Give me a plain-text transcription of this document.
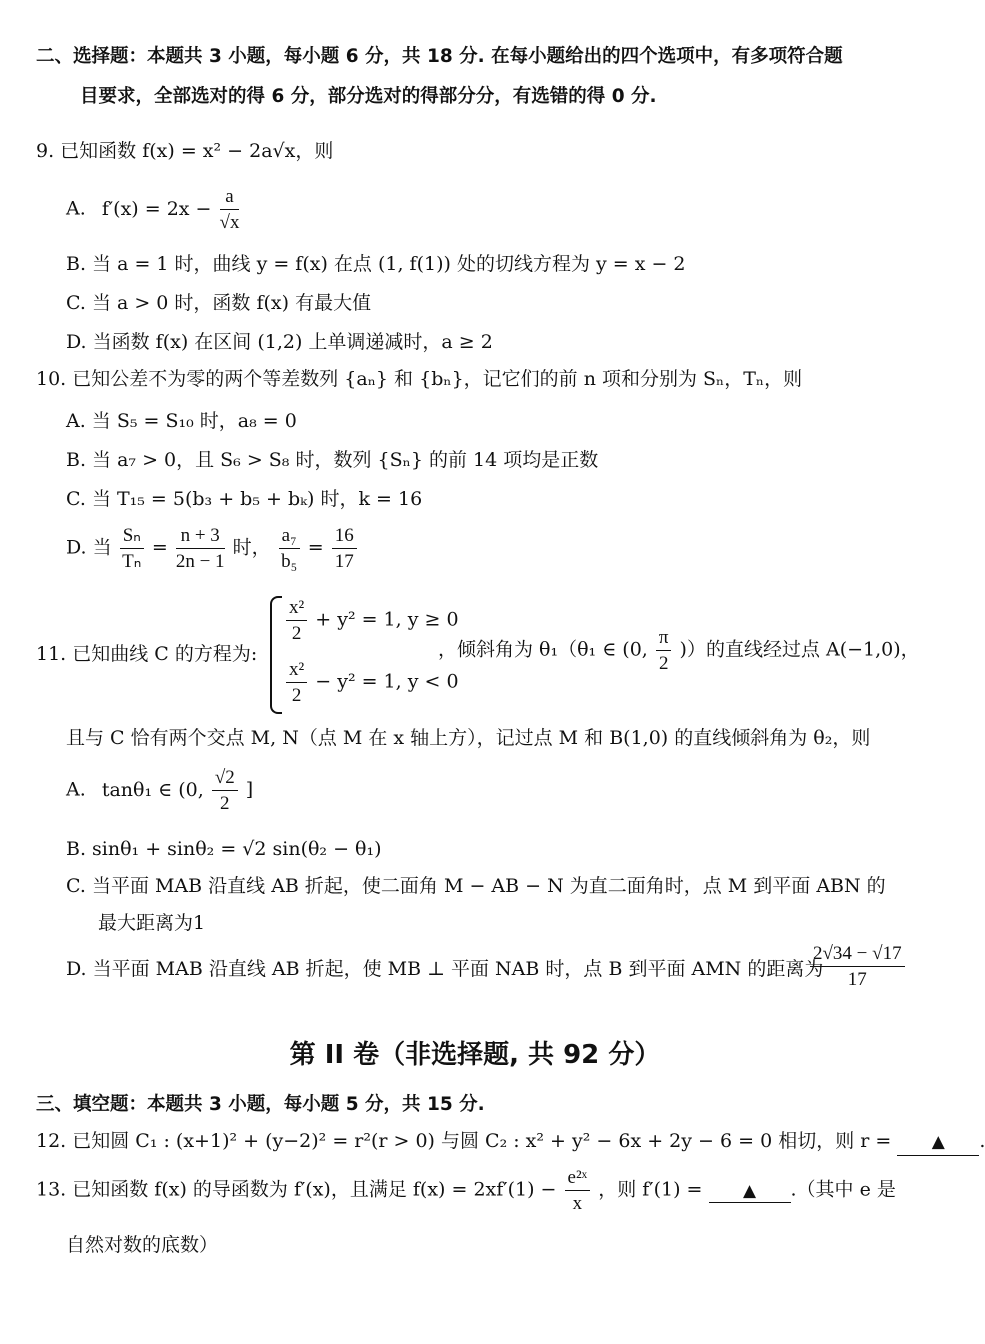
二、选择题：本题共 3 小题，每小题 6 分，共 18 分. 在每小题给出的四个选项中，有多项符合题
目要求，全部选对的得 6 分，部分选对的得部分分，有选错的得 0 分.
9. 已知函数 f(x) = x² − 2a√x，则
A. $f'(x) = 2x - \frac{a}{√x}$
B. 当 a = 1 时，曲线 y = f(x) 在点 (1, f(1)) 处的切线方程为 y = x − 2
C. 当 a > 0 时，函数 f(x) 有最大值
D. 当函数 f(x) 在区间 (1,2) 上单调递减时，a ≥ 2
10. 已知公差不为零的两个等差数列 {aₙ} 和 {bₙ}，记它们的前 n 项和分别为 Sₙ，Tₙ，则
A. 当 S₅ = S₁₀ 时，a₈ = 0
B. 当 a₇ > 0，且 S₆ > S₈ 时，数列 {Sₙ} 的前 14 项均是正数
C. 当 T₁₅ = 5(b₃ + b₅ + bₖ) 时，k = 16
D. 当 $\frac{\text{Sₙ}}{\text{Tₙ}} = \frac{n + 3}{2n - 1}$ 时， $\frac{\text{a₇}}{\text{b₅}} = \frac{16}{17}$
11. 已知曲线 C 的方程为:
$\frac{\text{x²}}{2} + y^2 = 1$, y ≥ 0
$\frac{\text{x²}}{2} - y^2 = 1$, y < 0
，倾斜角为 θ₁（θ₁ ∈ (0, $\frac{\pi}{2}$ )）的直线经过点 A(−1,0)，
且与 C 恰有两个交点 M, N（点 M 在 x 轴上方），记过点 M 和 B(1,0) 的直线倾斜角为 θ₂，则
A. tanθ₁ ∈ (0, $\frac{√2}{2}$ ]
B. sinθ₁ + sinθ₂ = √2 sin(θ₂ − θ₁)
C. 当平面 MAB 沿直线 AB 折起，使二面角 M − AB − N 为直二面角时，点 M 到平面 ABN 的
最大距离为1
D. 当平面 MAB 沿直线 AB 折起，使 MB ⊥ 平面 NAB 时，点 B 到平面 AMN 的距离为
$\frac{2√34 - √17}{17}$
第 II 卷（非选择题, 共 92 分）
三、填空题：本题共 3 小题，每小题 5 分，共 15 分.
12. 已知圆 C₁ : (x+1)² + (y−2)² = r²(r > 0) 与圆 C₂ : x² + y² − 6x + 2y − 6 = 0 相切，则 r = ▲ .
13. 已知函数 f(x) 的导函数为 f′(x)，且满足 $f(x) = 2xf'(1) - \frac{\text{e²ˣ}}{x}$ ，则 f′(1) = ▲ .（其中 e 是
自然对数的底数）
